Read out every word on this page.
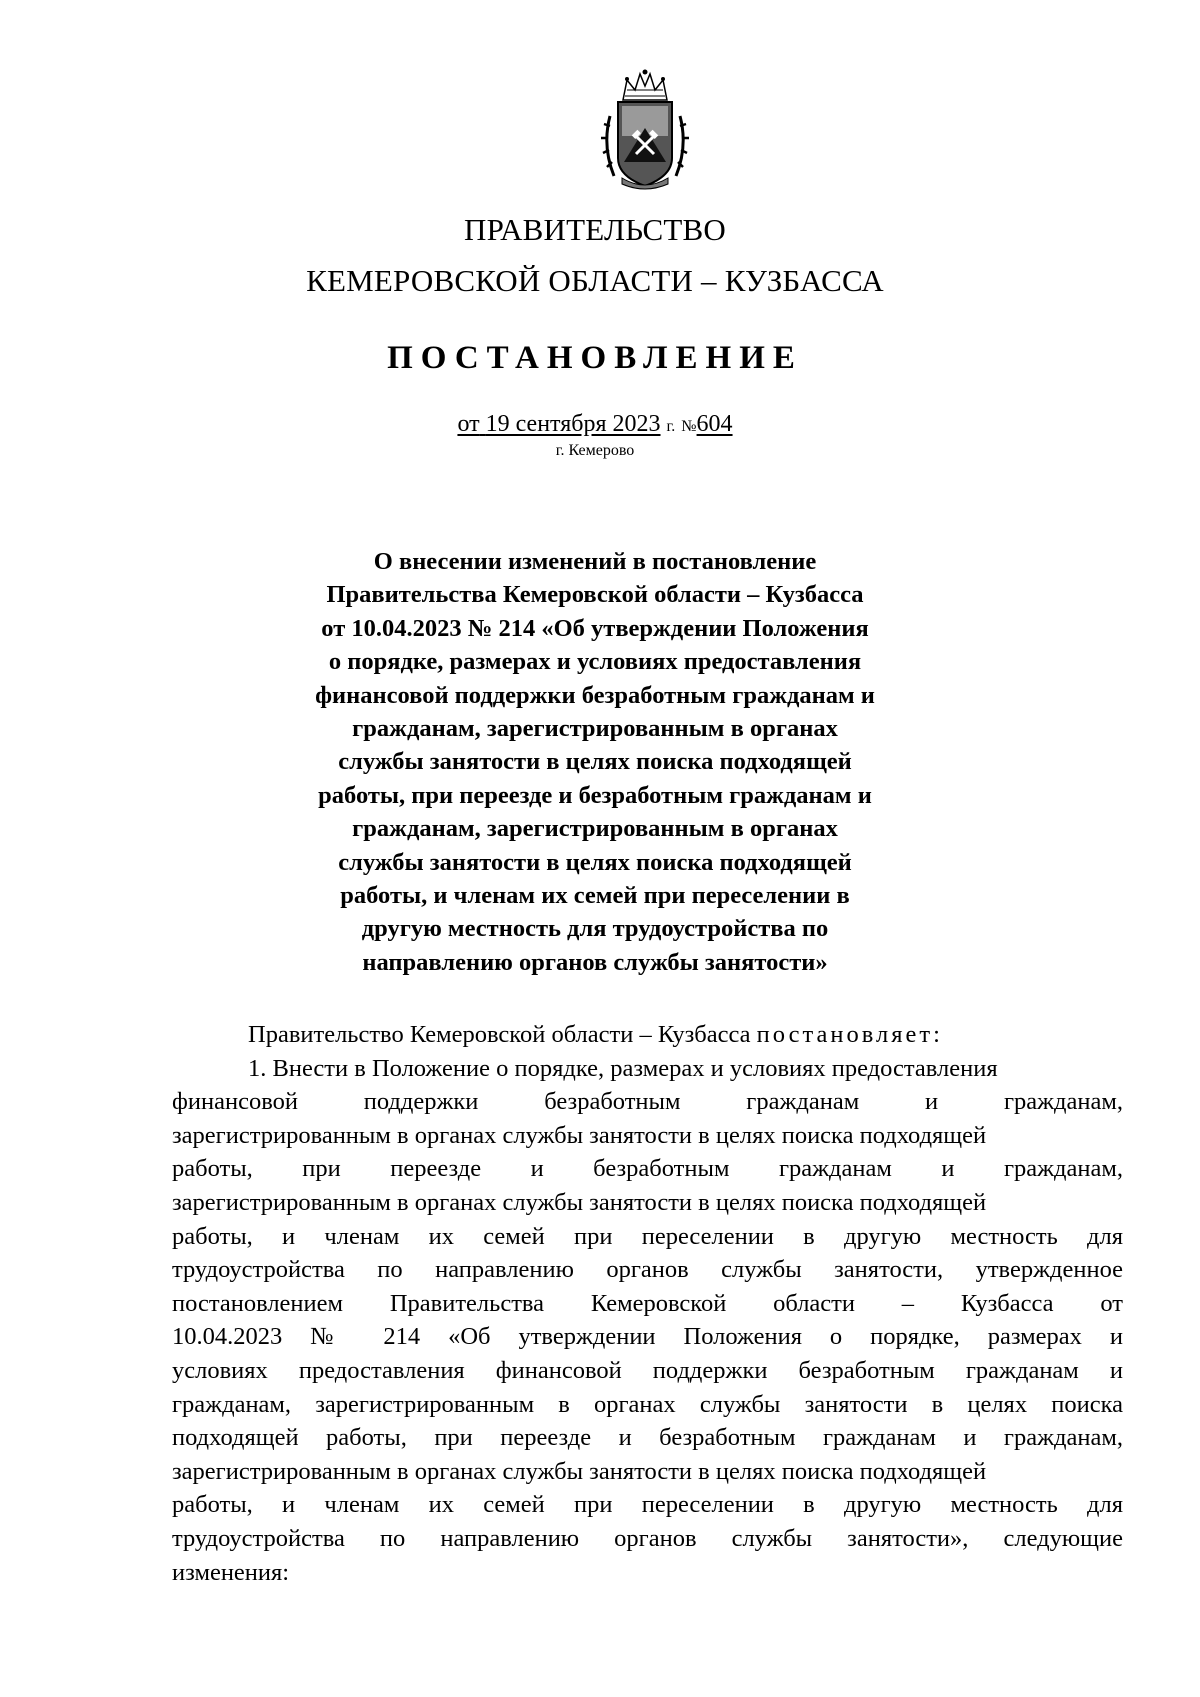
ПРАВИТЕЛЬСТВО
КЕМЕРОВСКОЙ ОБЛАСТИ – КУЗБАССА
ПОСТАНОВЛЕНИЕ
от 19 сентября 2023 г. №604
г. Кемерово
О внесении изменений в постановление
Правительства Кемеровской области – Кузбасса
от 10.04.2023 № 214 «Об утверждении Положения
о порядке, размерах и условиях предоставления
финансовой поддержки безработным гражданам и
гражданам, зарегистрированным в органах
службы занятости в целях поиска подходящей
работы, при переезде и безработным гражданам и
гражданам, зарегистрированным в органах
службы занятости в целях поиска подходящей
работы, и членам их семей при переселении в
другую местность для трудоустройства по
направлению органов службы занятости»
Правительство Кемеровской области – Кузбасса постановляет:
1. Внести в Положение о порядке, размерах и условиях предоставления
финансовой поддержки безработным гражданам и гражданам,
зарегистрированным в органах службы занятости в целях поиска подходящей
работы, при переезде и безработным гражданам и гражданам,
зарегистрированным в органах службы занятости в целях поиска подходящей
работы, и членам их семей при переселении в другую местность для
трудоустройства по направлению органов службы занятости, утвержденное
постановлением Правительства Кемеровской области – Кузбасса от
10.04.2023 № 214 «Об утверждении Положения о порядке, размерах и
условиях предоставления финансовой поддержки безработным гражданам и
гражданам, зарегистрированным в органах службы занятости в целях поиска
подходящей работы, при переезде и безработным гражданам и гражданам,
зарегистрированным в органах службы занятости в целях поиска подходящей
работы, и членам их семей при переселении в другую местность для
трудоустройства по направлению органов службы занятости», следующие
изменения:
